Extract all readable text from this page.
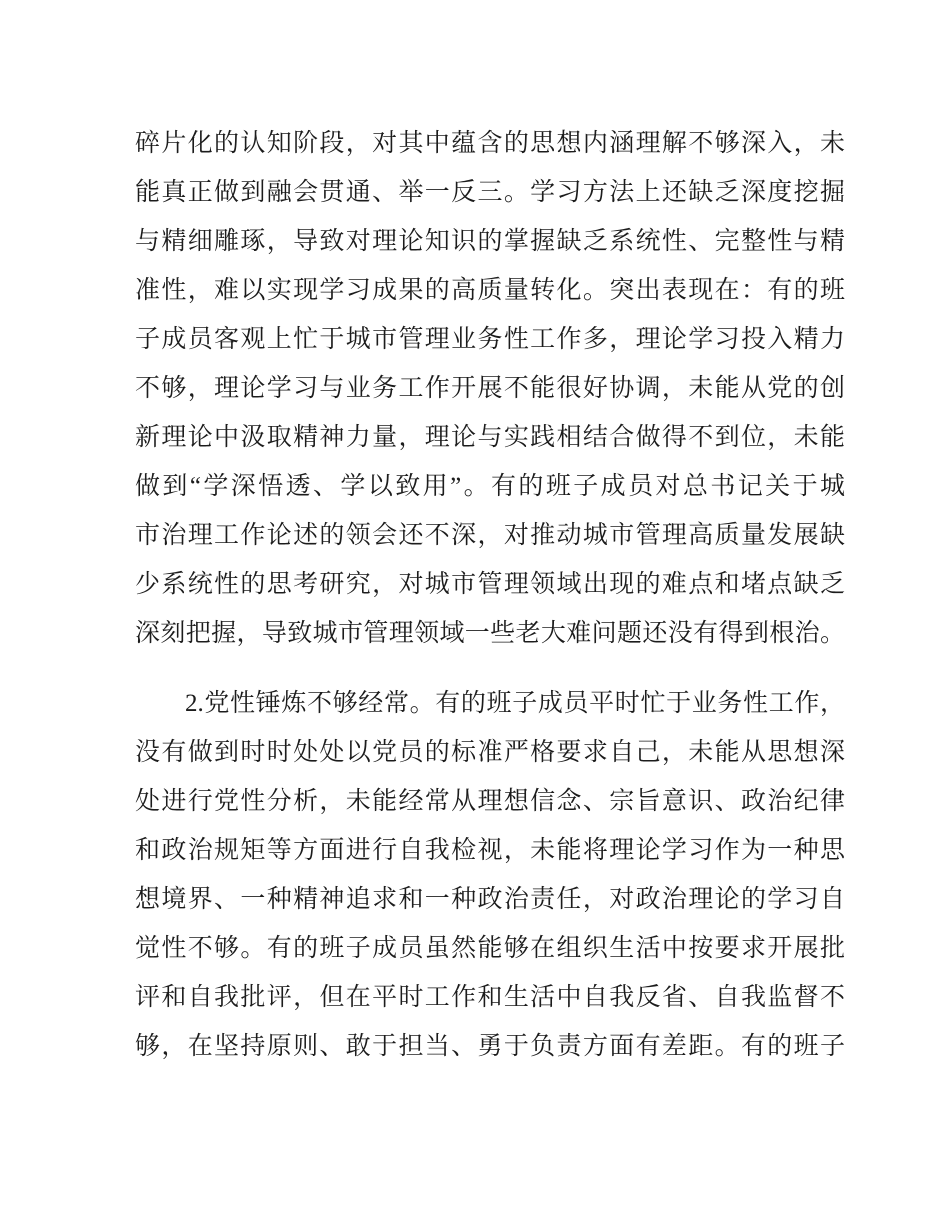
碎片化的认知阶段，对其中蕴含的思想内涵理解不够深入，未
能真正做到融会贯通、举一反三。学习方法上还缺乏深度挖掘
与精细雕琢，导致对理论知识的掌握缺乏系统性、完整性与精
准性，难以实现学习成果的高质量转化。突出表现在：有的班
子成员客观上忙于城市管理业务性工作多，理论学习投入精力
不够，理论学习与业务工作开展不能很好协调，未能从党的创
新理论中汲取精神力量，理论与实践相结合做得不到位，未能
做到“学深悟透、学以致用”。有的班子成员对总书记关于城
市治理工作论述的领会还不深，对推动城市管理高质量发展缺
少系统性的思考研究，对城市管理领域出现的难点和堵点缺乏
深刻把握，导致城市管理领域一些老大难问题还没有得到根治。
2.党性锤炼不够经常。有的班子成员平时忙于业务性工作，
没有做到时时处处以党员的标准严格要求自己，未能从思想深
处进行党性分析，未能经常从理想信念、宗旨意识、政治纪律
和政治规矩等方面进行自我检视，未能将理论学习作为一种思
想境界、一种精神追求和一种政治责任，对政治理论的学习自
觉性不够。有的班子成员虽然能够在组织生活中按要求开展批
评和自我批评，但在平时工作和生活中自我反省、自我监督不
够，在坚持原则、敢于担当、勇于负责方面有差距。有的班子
